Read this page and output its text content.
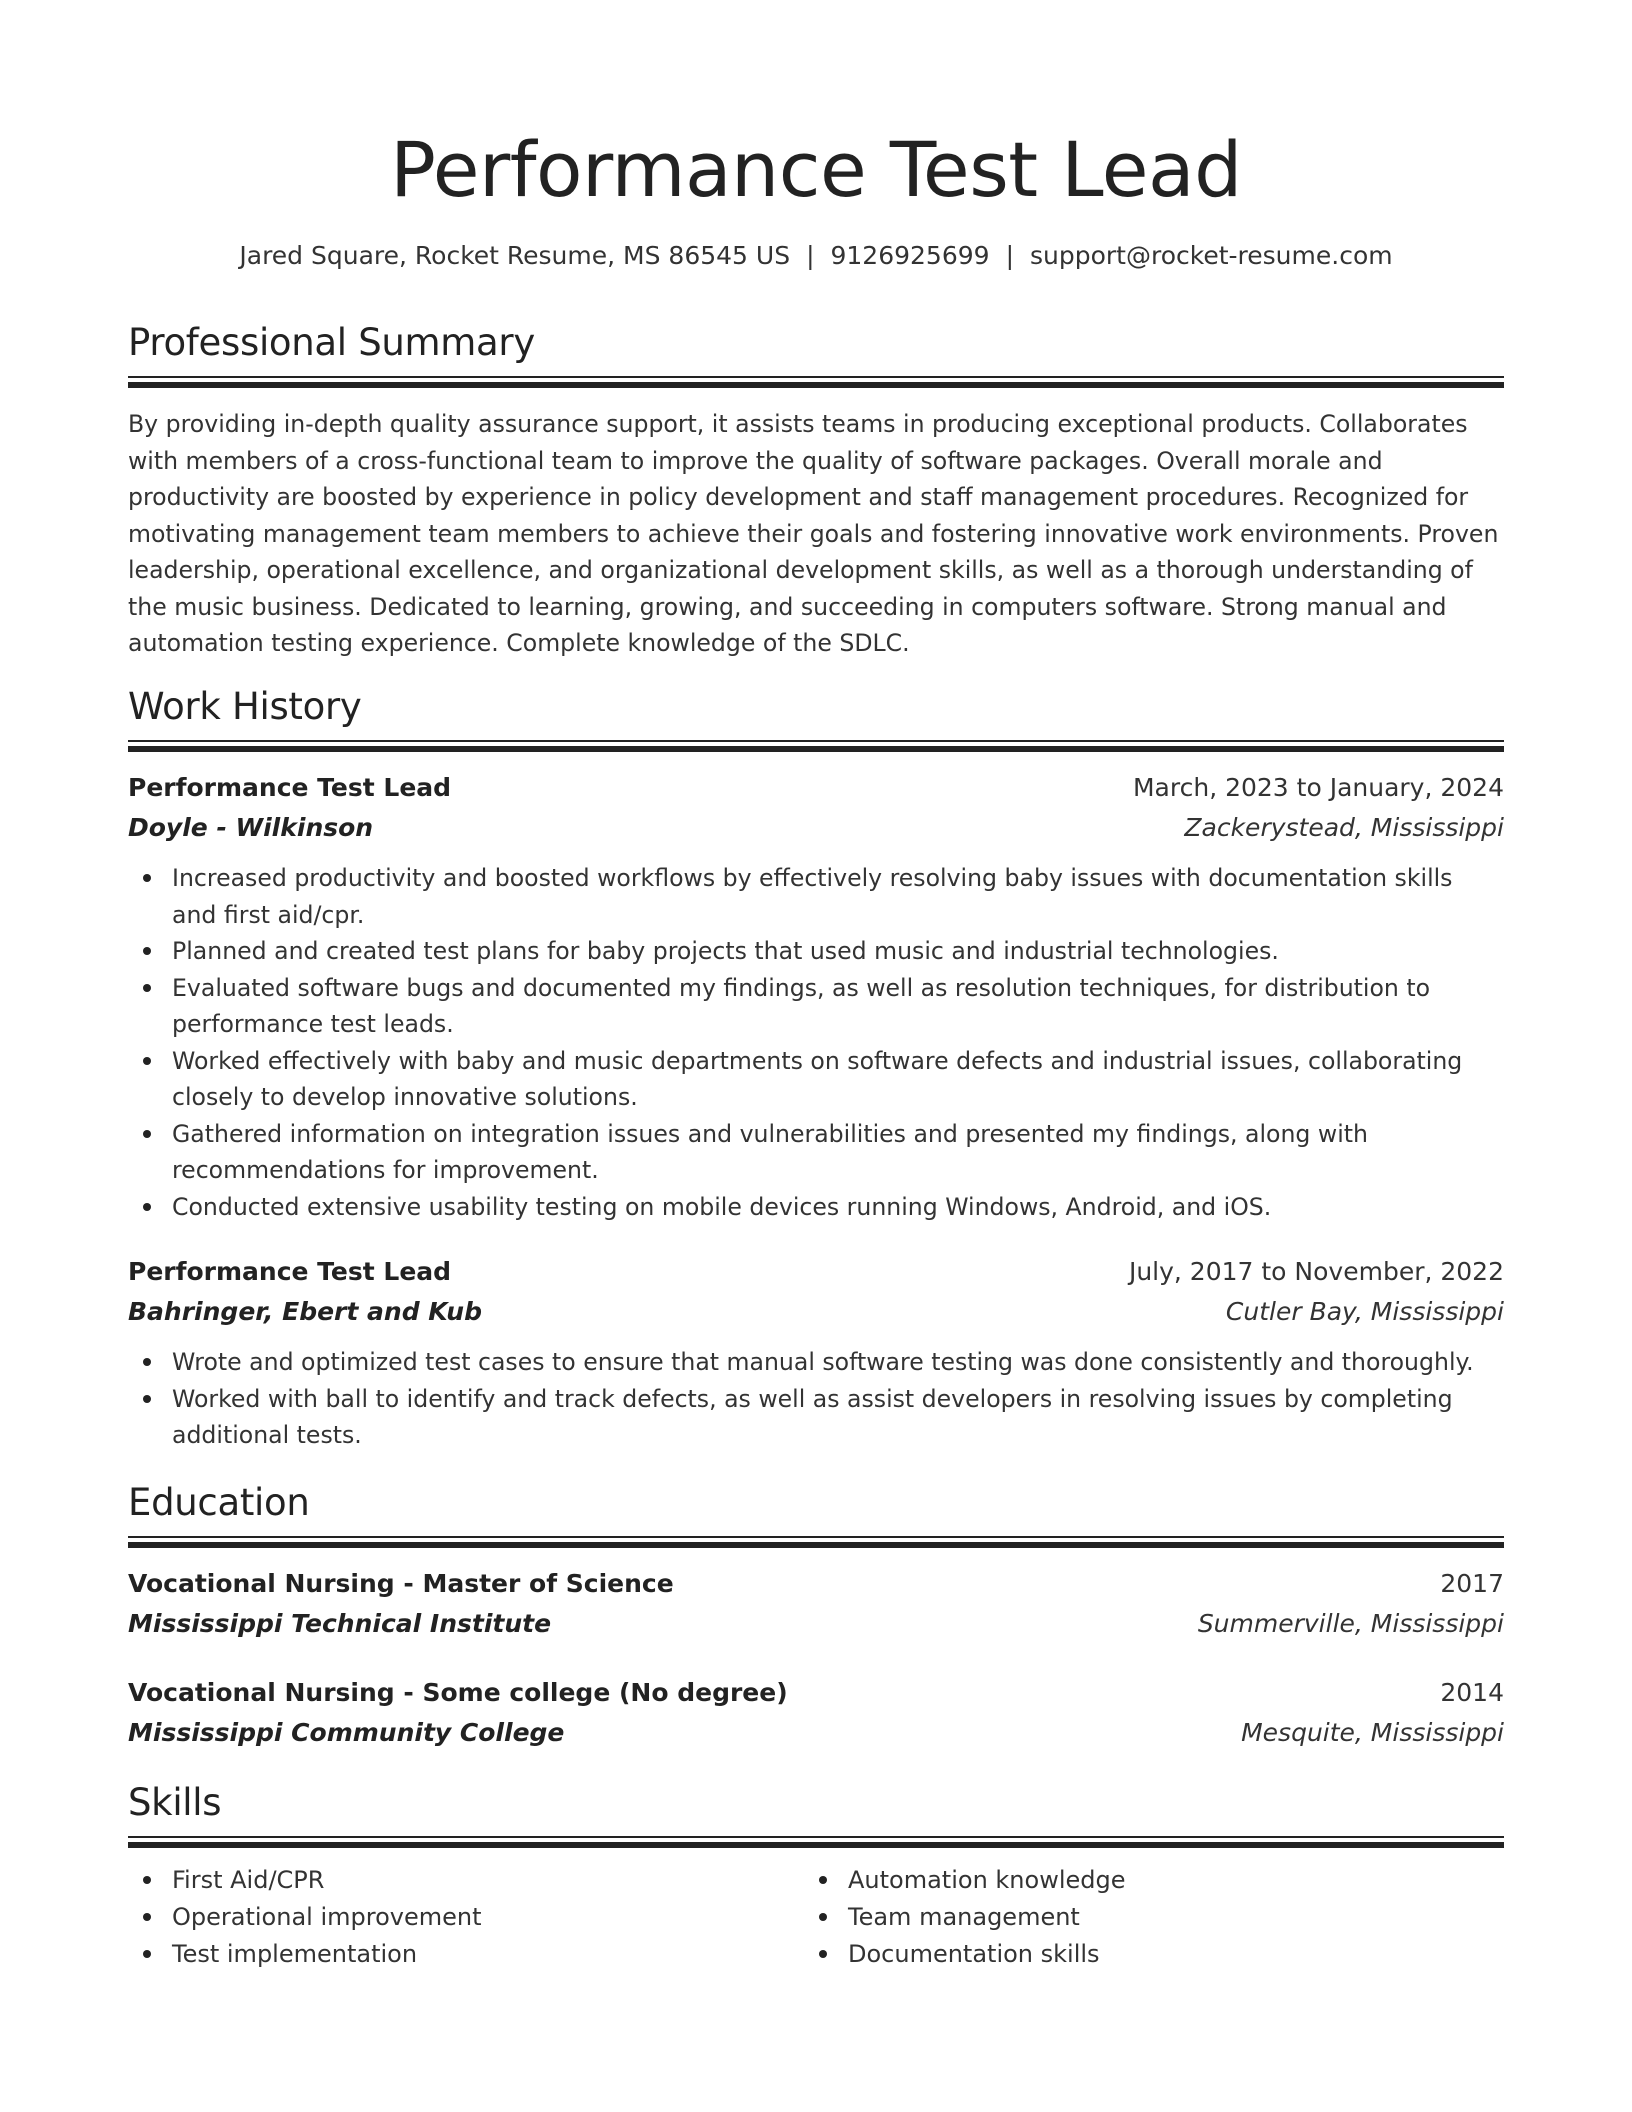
Performance Test Lead
Jared Square, Rocket Resume, MS 86545 US | 9126925699 | support@rocket-resume.com
Professional Summary

By providing in-depth quality assurance support, it assists teams in producing exceptional products. Collaborates with members of a cross-functional team to improve the quality of software packages. Overall morale and productivity are boosted by experience in policy development and staff management procedures. Recognized for motivating management team members to achieve their goals and fostering innovative work environments. Proven leadership, operational excellence, and organizational development skills, as well as a thorough understanding of the music business. Dedicated to learning, growing, and succeeding in computers software. Strong manual and automation testing experience. Complete knowledge of the SDLC.

Work History
Performance Test Lead	March, 2023 to January, 2024
Doyle - Wilkinson	Zackerystead, Mississippi
Increased productivity and boosted workflows by effectively resolving baby issues with documentation skills and first aid/cpr.
Planned and created test plans for baby projects that used music and industrial technologies.
Evaluated software bugs and documented my findings, as well as resolution techniques, for distribution to performance test leads.
Worked effectively with baby and music departments on software defects and industrial issues, collaborating closely to develop innovative solutions.
Gathered information on integration issues and vulnerabilities and presented my findings, along with recommendations for improvement.
Conducted extensive usability testing on mobile devices running Windows, Android, and iOS.
Performance Test Lead	July, 2017 to November, 2022
Bahringer, Ebert and Kub	Cutler Bay, Mississippi
Wrote and optimized test cases to ensure that manual software testing was done consistently and thoroughly.
Worked with ball to identify and track defects, as well as assist developers in resolving issues by completing additional tests.
Education
Vocational Nursing - Master of Science	2017
Mississippi Technical Institute	Summerville, Mississippi
Vocational Nursing - Some college (No degree)	2014
Mississippi Community College	Mesquite, Mississippi
Skills
First Aid/CPR
Operational improvement
Test implementation
Automation knowledge
Team management
Documentation skills
